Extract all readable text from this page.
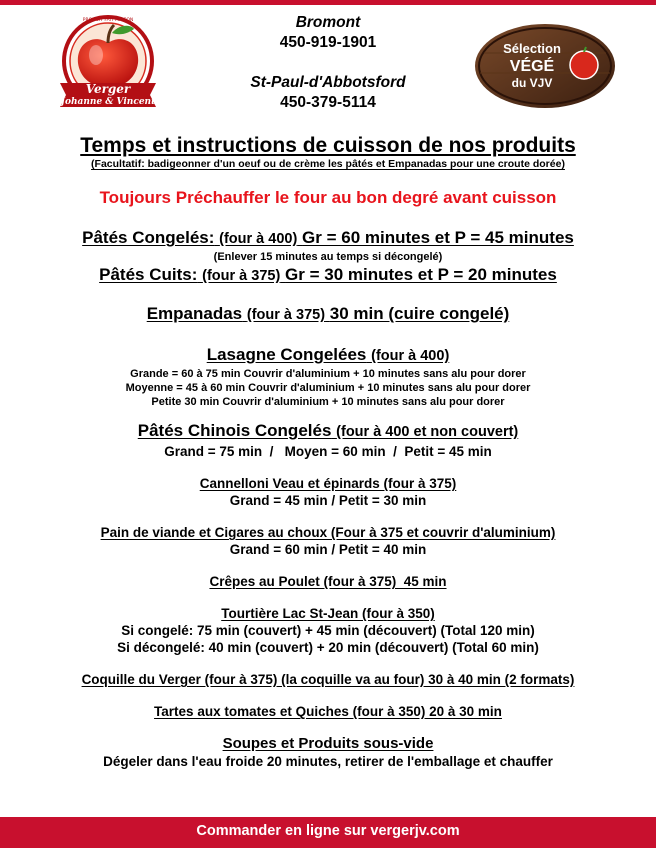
Verger
Johanne & Vincent
PRODUIT FAIT MAISON	Bromont
450-919-1901
St-Paul-d'Abbotsford
450-379-5114
Sélection
VÉGÉ
du VJV
Temps et instructions de cuisson de nos produits
(Facultatif: badigeonner d'un oeuf ou de crème les pâtés et Empanadas pour une croute dorée)
Toujours Préchauffer le four au bon degré avant cuisson
Pâtés Congelés: (four à 400) Gr = 60 minutes et P = 45 minutes
(Enlever 15 minutes au temps si décongelé)
Pâtés Cuits: (four à 375) Gr = 30 minutes et P = 20 minutes
Empanadas (four à 375) 30 min (cuire congelé)
Lasagne Congelées (four à 400)
Grande = 60 à 75 min Couvrir d'aluminium + 10 minutes sans alu pour dorer
Moyenne = 45 à 60 min Couvrir d'aluminium + 10 minutes sans alu pour dorer
Petite 30 min Couvrir d'aluminium + 10 minutes sans alu pour dorer
Pâtés Chinois Congelés (four à 400 et non couvert)
Grand = 75 min  /   Moyen = 60 min  /  Petit = 45 min
Cannelloni Veau et épinards (four à 375)
Grand = 45 min / Petit = 30 min
Pain de viande et Cigares au choux (Four à 375 et couvrir d'aluminium)
Grand = 60 min / Petit = 40 min
Crêpes au Poulet (four à 375)  45 min
Tourtière Lac St-Jean (four à 350)
Si congelé: 75 min (couvert) + 45 min (découvert) (Total 120 min)
Si décongelé: 40 min (couvert) + 20 min (découvert) (Total 60 min)
Coquille du Verger (four à 375) (la coquille va au four) 30 à 40 min (2 formats)
Tartes aux tomates et Quiches (four à 350) 20 à 30 min
Soupes et Produits sous-vide
Dégeler dans l'eau froide 20 minutes, retirer de l'emballage et chauffer
Commander en ligne sur vergerjv.com
